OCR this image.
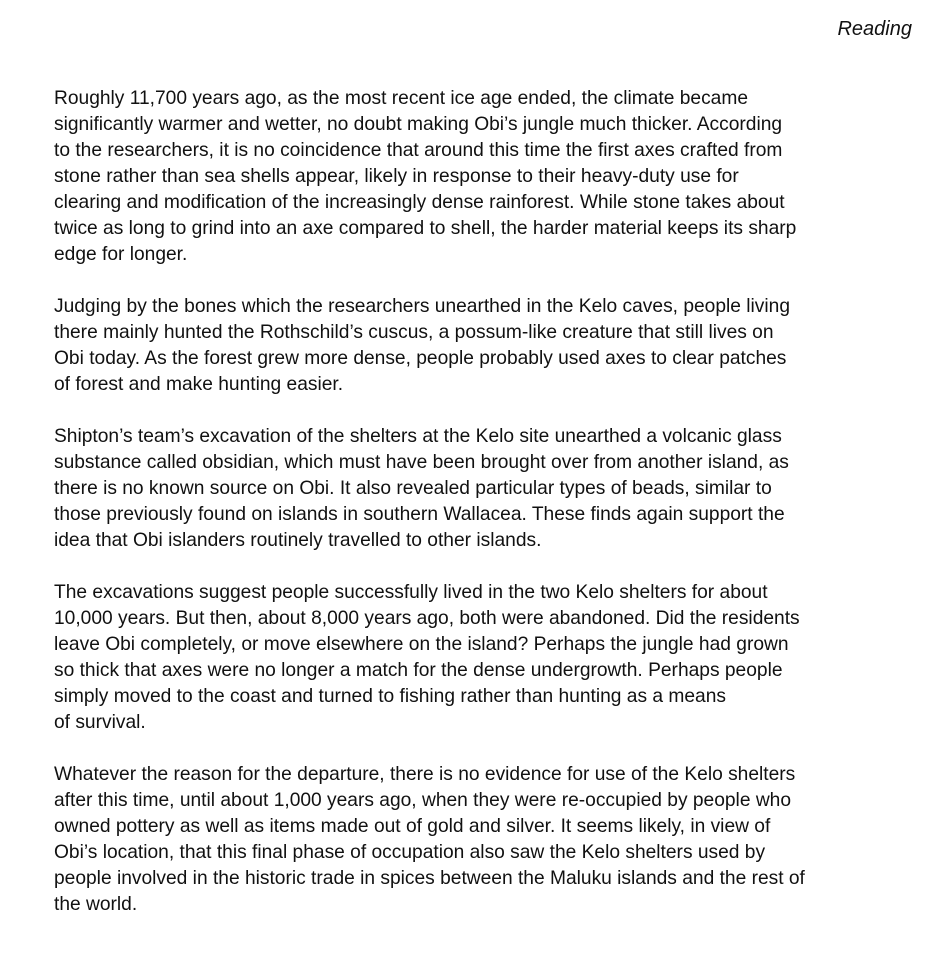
Reading

Roughly 11,700 years ago, as the most recent ice age ended, the climate became
significantly warmer and wetter, no doubt making Obi’s jungle much thicker. According
to the researchers, it is no coincidence that around this time the first axes crafted from
stone rather than sea shells appear, likely in response to their heavy-duty use for
clearing and modification of the increasingly dense rainforest. While stone takes about
twice as long to grind into an axe compared to shell, the harder material keeps its sharp
edge for longer.

Judging by the bones which the researchers unearthed in the Kelo caves, people living
there mainly hunted the Rothschild’s cuscus, a possum-like creature that still lives on
Obi today. As the forest grew more dense, people probably used axes to clear patches
of forest and make hunting easier.

Shipton’s team’s excavation of the shelters at the Kelo site unearthed a volcanic glass
substance called obsidian, which must have been brought over from another island, as
there is no known source on Obi. It also revealed particular types of beads, similar to
those previously found on islands in southern Wallacea. These finds again support the
idea that Obi islanders routinely travelled to other islands.

The excavations suggest people successfully lived in the two Kelo shelters for about
10,000 years. But then, about 8,000 years ago, both were abandoned. Did the residents
leave Obi completely, or move elsewhere on the island? Perhaps the jungle had grown
so thick that axes were no longer a match for the dense undergrowth. Perhaps people
simply moved to the coast and turned to fishing rather than hunting as a means
of survival.

Whatever the reason for the departure, there is no evidence for use of the Kelo shelters
after this time, until about 1,000 years ago, when they were re-occupied by people who
owned pottery as well as items made out of gold and silver. It seems likely, in view of
Obi’s location, that this final phase of occupation also saw the Kelo shelters used by
people involved in the historic trade in spices between the Maluku islands and the rest of
the world.
